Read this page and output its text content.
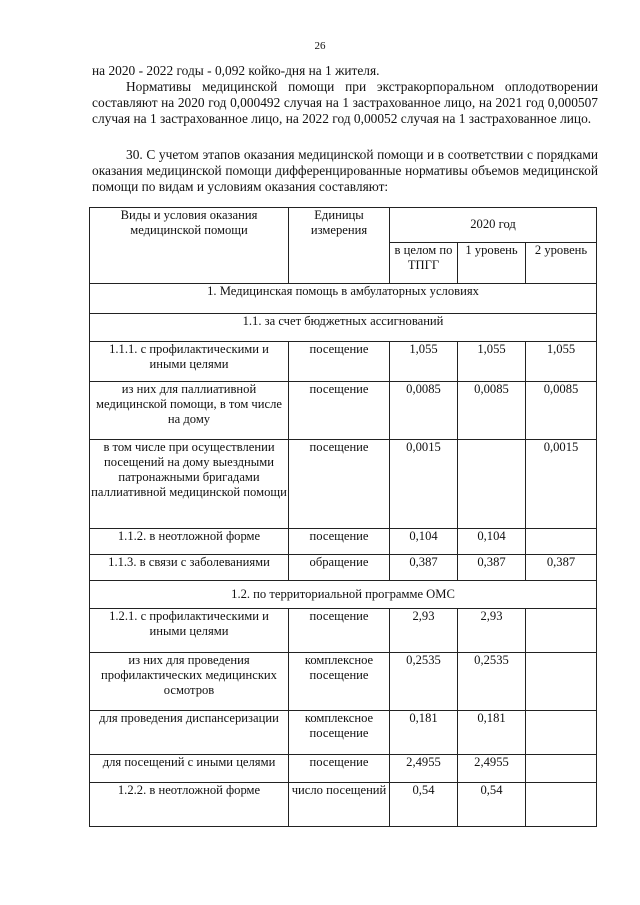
26

на 2020 - 2022 годы - 0,092 койко-дня на 1 жителя.

Нормативы медицинской помощи при экстракорпоральном оплодотворении составляют на 2020 год 0,000492 случая на 1 застрахованное лицо, на 2021 год 0,000507 случая на 1 застрахованное лицо, на 2022 год 0,00052 случая на 1 застрахованное лицо.

30. С учетом этапов оказания медицинской помощи и в соответствии с порядками оказания медицинской помощи дифференцированные нормативы объемов медицинской помощи по видам и условиям оказания составляют:

Виды и условия оказания медицинской помощи	Единицы измерения	2020 год		
		в целом по ТПГГ	1 уровень	2 уровень
1. Медицинская помощь в амбулаторных условиях				
1.1. за счет бюджетных ассигнований				
1.1.1. с профилактическими и иными целями	посещение	1,055	1,055	1,055
из них для паллиативной медицинской помощи, в том числе на дому	посещение	0,0085	0,0085	0,0085
в том числе при осуществлении посещений на дому выездными патронажными бригадами паллиативной медицинской помощи	посещение	0,0015		0,0015
1.1.2. в неотложной форме	посещение	0,104	0,104	
1.1.3. в связи с заболеваниями	обращение	0,387	0,387	0,387
1.2. по территориальной программе ОМС				
1.2.1. с профилактическими и иными целями	посещение	2,93	2,93	
из них для проведения профилактических медицинских осмотров	комплексное посещение	0,2535	0,2535	
для проведения диспансеризации	комплексное посещение	0,181	0,181	
для посещений с иными целями	посещение	2,4955	2,4955	
1.2.2. в неотложной форме	число посещений	0,54	0,54	
